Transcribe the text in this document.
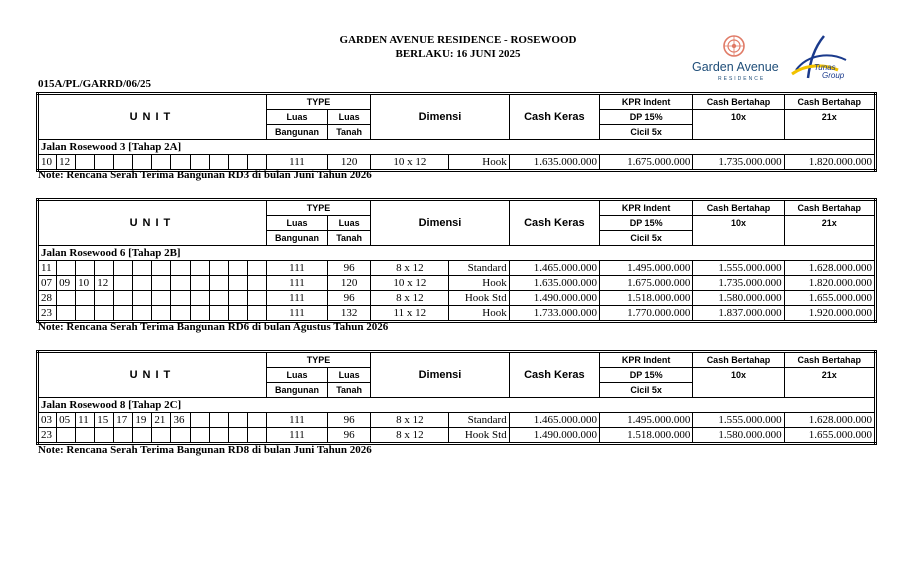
GARDEN AVENUE RESIDENCE - ROSEWOOD
BERLAKU: 16 JUNI 2025
015A/PL/GARRD/06/25
Garden Avenue
RESIDENCE
Tunas
Group
UNIT												TYPE		Dimensi		Cash Keras	KPR Indent	Cash Bertahap	Cash Bertahap
												Luas	Luas				DP 15%	10x	21x
												Bangunan	Tanah				Cicil 5x		
Jalan Rosewood 3 [Tahap 2A]																			
10	12											111	120	10 x 12	Hook	1.635.000.000	1.675.000.000	1.735.000.000	1.820.000.000
Note: Rencana Serah Terima Bangunan RD3 di bulan Juni Tahun 2026
UNIT												TYPE		Dimensi		Cash Keras	KPR Indent	Cash Bertahap	Cash Bertahap
												Luas	Luas				DP 15%	10x	21x
												Bangunan	Tanah				Cicil 5x		
Jalan Rosewood 6 [Tahap 2B]																			
11												111	96	8 x 12	Standard	1.465.000.000	1.495.000.000	1.555.000.000	1.628.000.000
07	09	10	12									111	120	10 x 12	Hook	1.635.000.000	1.675.000.000	1.735.000.000	1.820.000.000
28												111	96	8 x 12	Hook Std	1.490.000.000	1.518.000.000	1.580.000.000	1.655.000.000
23												111	132	11 x 12	Hook	1.733.000.000	1.770.000.000	1.837.000.000	1.920.000.000
Note: Rencana Serah Terima Bangunan RD6 di bulan Agustus Tahun 2026
UNIT												TYPE		Dimensi		Cash Keras	KPR Indent	Cash Bertahap	Cash Bertahap
												Luas	Luas				DP 15%	10x	21x
												Bangunan	Tanah				Cicil 5x		
Jalan Rosewood 8 [Tahap 2C]																			
03	05	11	15	17	19	21	36					111	96	8 x 12	Standard	1.465.000.000	1.495.000.000	1.555.000.000	1.628.000.000
23												111	96	8 x 12	Hook Std	1.490.000.000	1.518.000.000	1.580.000.000	1.655.000.000
Note: Rencana Serah Terima Bangunan RD8 di bulan Juni Tahun 2026
